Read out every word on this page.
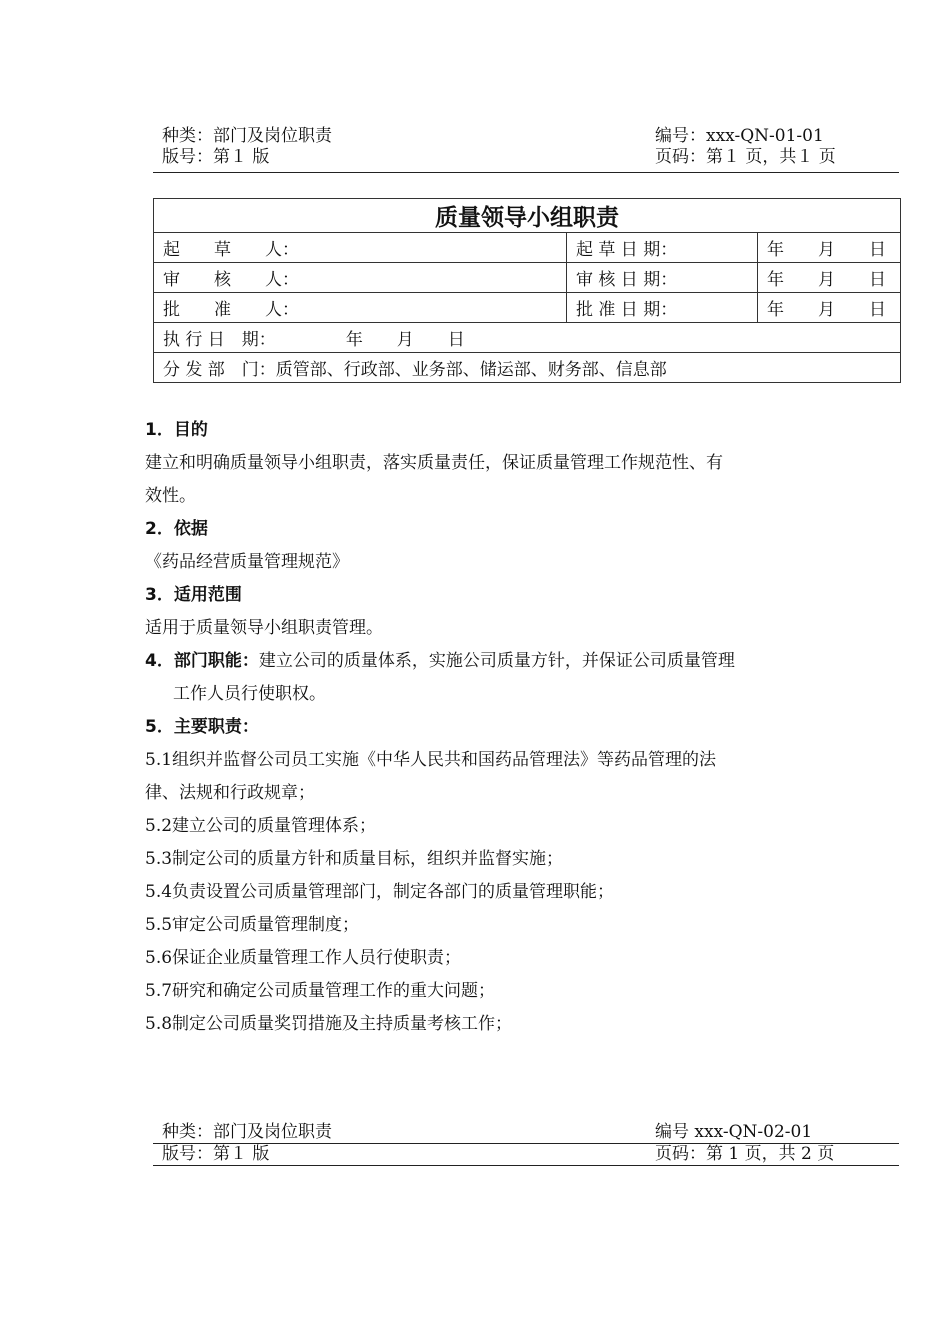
种类：部门及岗位职责	编号：xxx-QN-01-01
版号：第１ 版	页码：第１ 页，共１ 页
质量领导小组职责		
起　　草　　人：	起 草 日 期：	年　　月　　日
审　　核　　人：	审 核 日 期：	年　　月　　日
批　　准　　人：	批 准 日 期：	年　　月　　日
执 行 日　期： 年　　月　　日		
分 发 部　门：质管部、行政部、业务部、储运部、财务部、信息部		

1．目的

建立和明确质量领导小组职责，落实质量责任，保证质量管理工作规范性、有

效性。

2．依据

《药品经营质量管理规范》

3．适用范围

适用于质量领导小组职责管理。

4．部门职能：建立公司的质量体系，实施公司质量方针，并保证公司质量管理

工作人员行使职权。

5．主要职责：

5.1组织并监督公司员工实施《中华人民共和国药品管理法》等药品管理的法

律、法规和行政规章；

5.2建立公司的质量管理体系；

5.3制定公司的质量方针和质量目标，组织并监督实施；

5.4负责设置公司质量管理部门，制定各部门的质量管理职能；

5.5审定公司质量管理制度；

5.6保证企业质量管理工作人员行使职责；

5.7研究和确定公司质量管理工作的重大问题；

5.8制定公司质量奖罚措施及主持质量考核工作；

种类：部门及岗位职责	编号 xxx-QN-02-01
版号：第１ 版	页码：第 1 页，共 2 页
